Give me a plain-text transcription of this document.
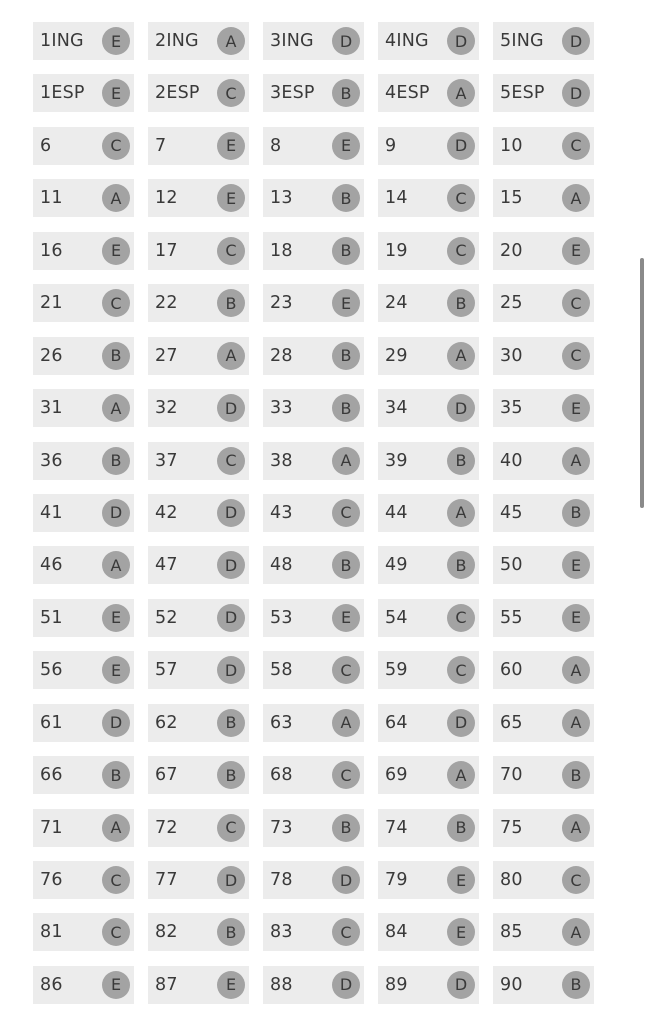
1ING	E	2ING	A	3ING	D	4ING	D	5ING	D
1ESP	E	2ESP	C	3ESP	B	4ESP	A	5ESP	D
6	C	7	E	8	E	9	D	10	C
11	A	12	E	13	B	14	C	15	A
16	E	17	C	18	B	19	C	20	E
21	C	22	B	23	E	24	B	25	C
26	B	27	A	28	B	29	A	30	C
31	A	32	D	33	B	34	D	35	E
36	B	37	C	38	A	39	B	40	A
41	D	42	D	43	C	44	A	45	B
46	A	47	D	48	B	49	B	50	E
51	E	52	D	53	E	54	C	55	E
56	E	57	D	58	C	59	C	60	A
61	D	62	B	63	A	64	D	65	A
66	B	67	B	68	C	69	A	70	B
71	A	72	C	73	B	74	B	75	A
76	C	77	D	78	D	79	E	80	C
81	C	82	B	83	C	84	E	85	A
86	E	87	E	88	D	89	D	90	B
